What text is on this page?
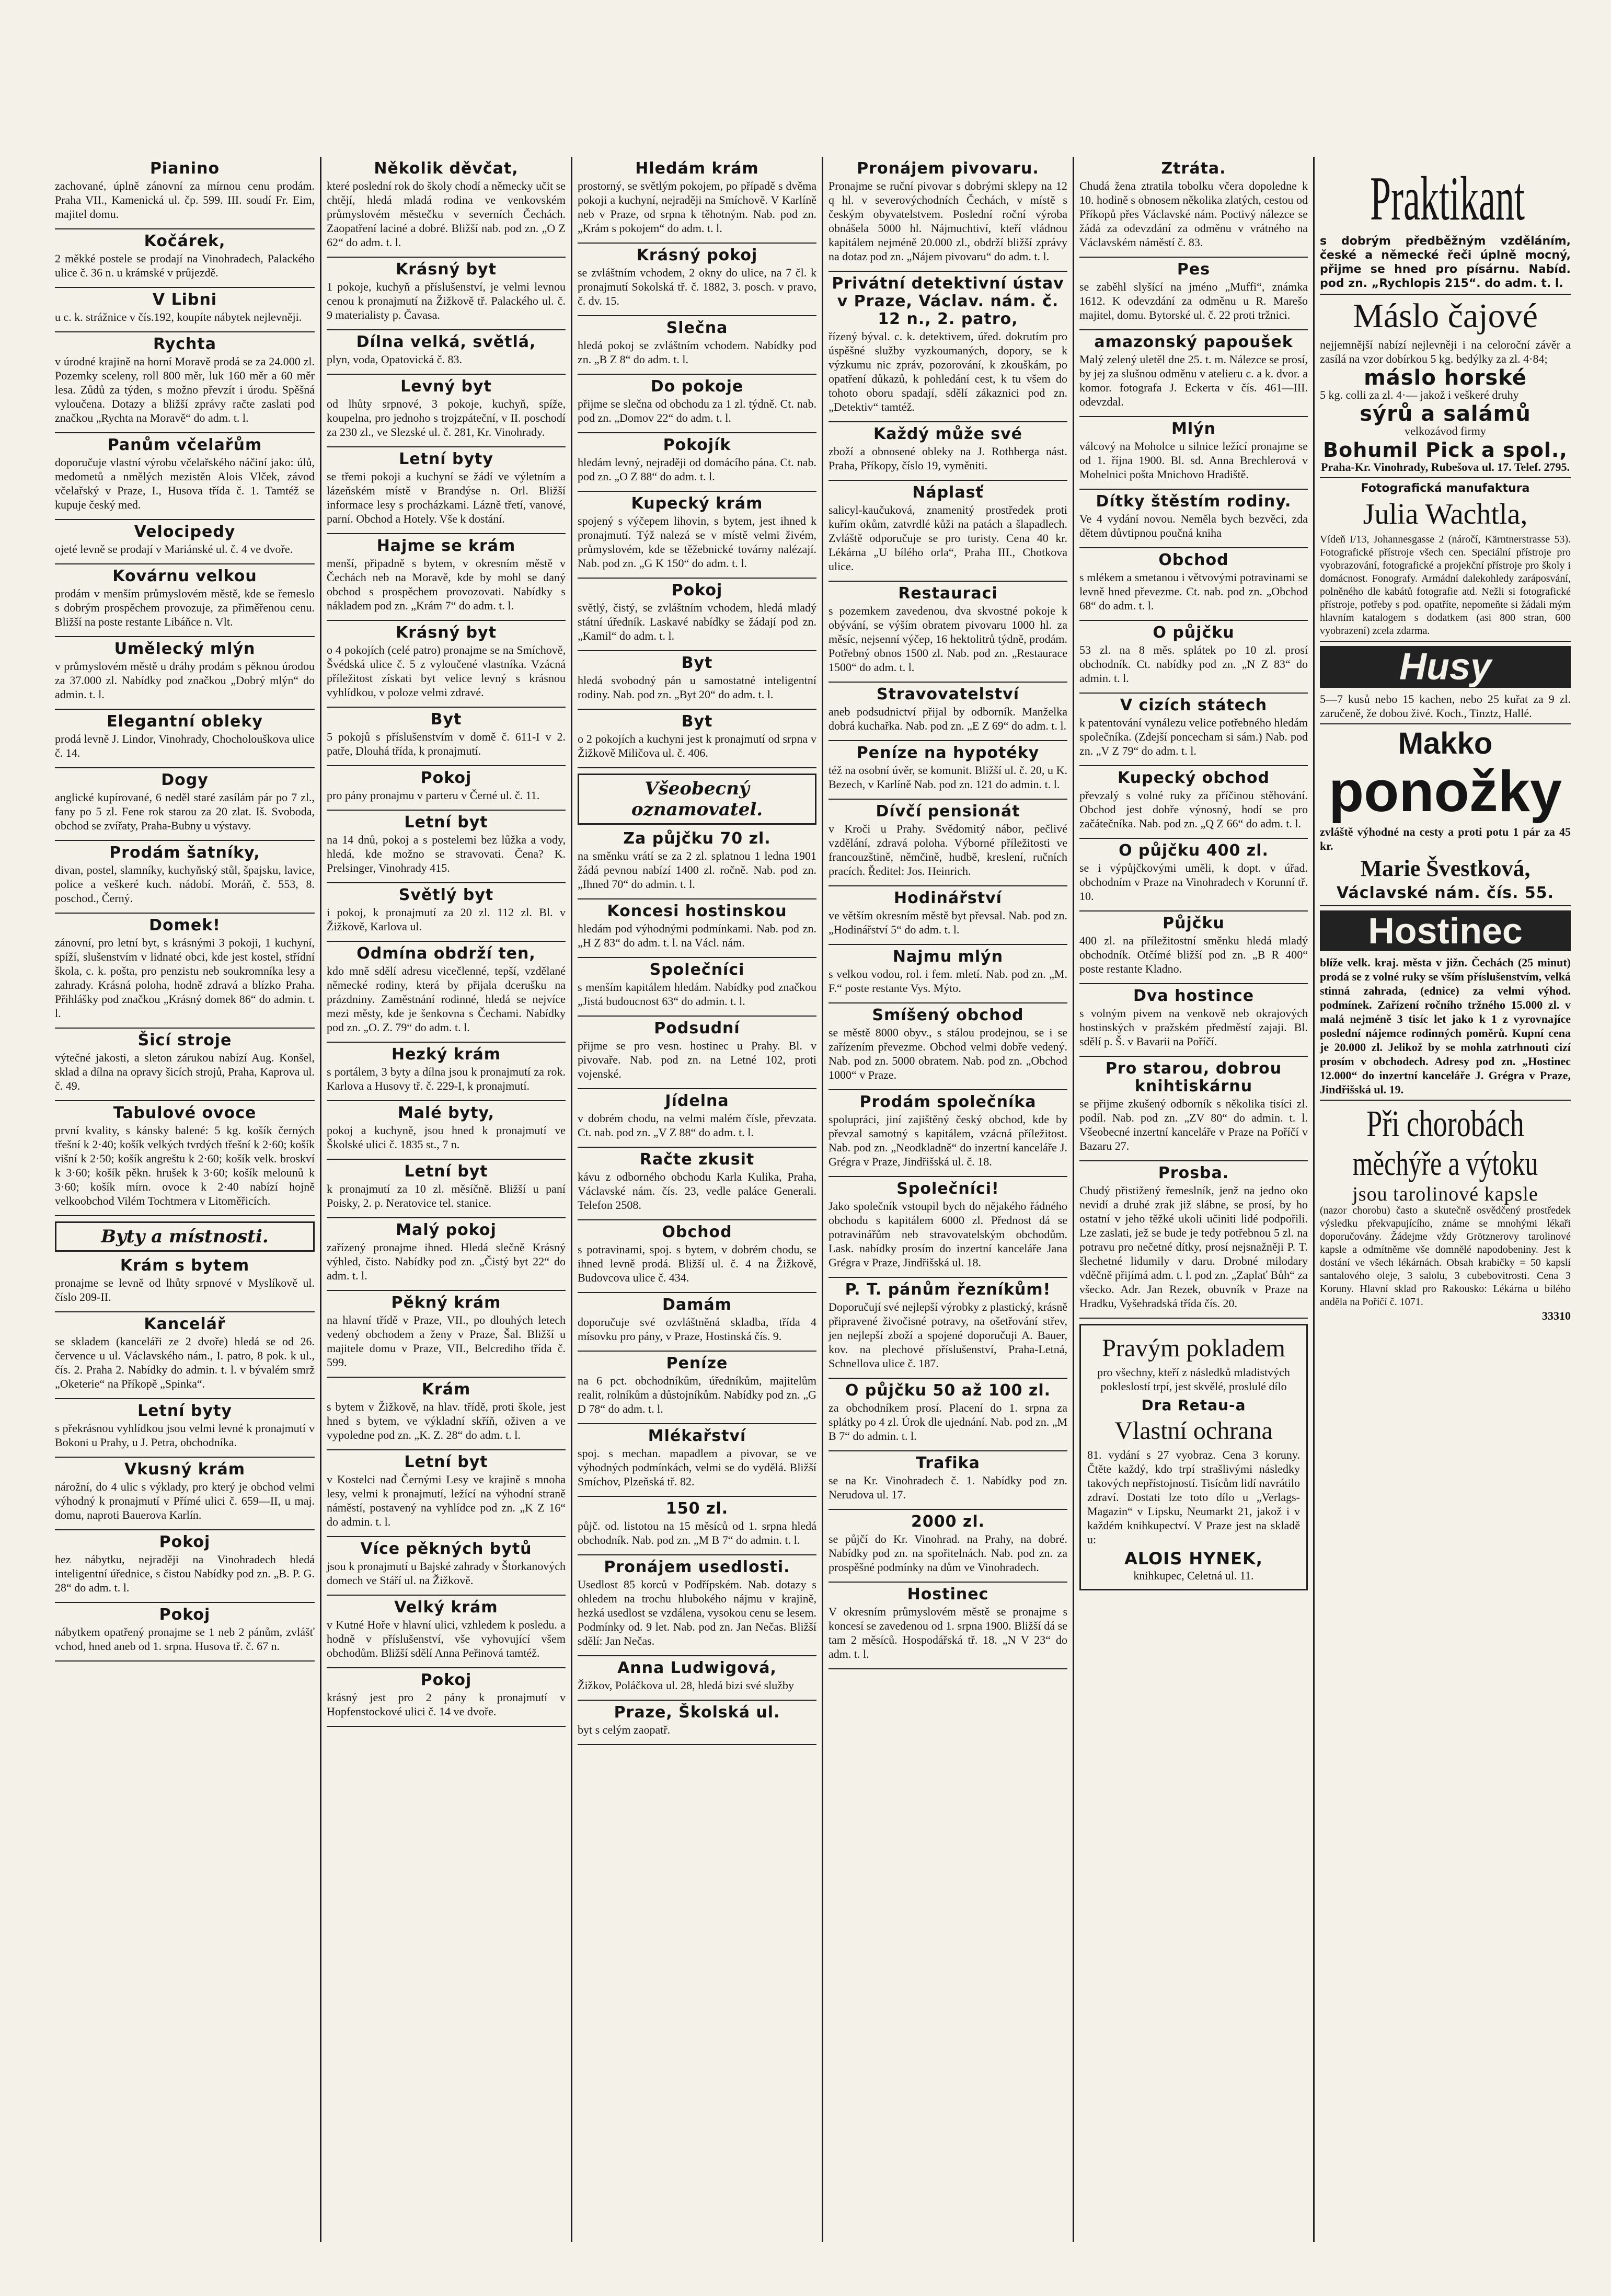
Pianino
zachované, úplně zánovní za mírnou cenu prodám. Praha VII., Kamenická ul. čp. 599. III. soudí Fr. Eim, majitel domu.
Kočárek,
2 měkké postele se prodají na Vinohradech, Palackého ulice č. 36 n. u krámské v průjezdě.
V Libni
u c. k. strážnice v čís.192, koupíte nábytek nejlevněji.
Rychta
v úrodné krajině na horní Moravě prodá se za 24.000 zl. Pozemky sceleny, roll 800 měr, luk 160 měr a 60 měr lesa. Zůdů za týden, s možno převzít i úrodu. Spěšná vyloučena. Dotazy a bližší zprávy račte zaslati pod značkou „Rychta na Moravě“ do adm. t. l.
Panům včelařům
doporučuje vlastní výrobu včelařského náčiní jako: úlů, medometů a nmělých mezistěn Alois Vlček, závod včelařský v Praze, I., Husova třída č. 1. Tamtéž se kupuje český med.
Velocipedy
ojeté levně se prodají v Mariánské ul. č. 4 ve dvoře.
Kovárnu velkou
prodám v menším průmyslovém městě, kde se řemeslo s dobrým prospěchem provozuje, za přiměřenou cenu. Bližší na poste restante Libáňce n. Vlt.
Umělecký mlýn
v průmyslovém městě u dráhy prodám s pěknou úrodou za 37.000 zl. Nabídky pod značkou „Dobrý mlýn“ do admin. t. l.
Elegantní obleky
prodá levně J. Lindor, Vinohrady, Chocholouškova ulice č. 14.
Dogy
anglické kupírované, 6 neděl staré zasílám pár po 7 zl., fany po 5 zl. Fene rok starou za 20 zlat. Iš. Svoboda, obchod se zvířaty, Praha-Bubny u výstavy.
Prodám šatníky,
divan, postel, slamníky, kuchyňský stůl, špajsku, lavice, police a veškeré kuch. nádobí. Moráň, č. 553, 8. poschod., Černý.
Domek!
zánovní, pro letní byt, s krásnými 3 pokoji, 1 kuchyní, spíží, slušenstvím v lidnaté obci, kde jest kostel, střídní škola, c. k. pošta, pro penzistu neb soukromníka lesy a zahrady. Krásná poloha, hodně zdravá a blízko Praha. Přihlášky pod značkou „Krásný domek 86“ do admin. t. l.
Šicí stroje
výtečné jakosti, a sleton zárukou nabízí Aug. Konšel, sklad a dílna na opravy šicích strojů, Praha, Kaprova ul. č. 49.
Tabulové ovoce
první kvality, s kánsky balené: 5 kg. košík černých třešní k 2·40; košík velkých tvrdých třešní k 2·60; košík višní k 2·50; košík angreštu k 2·60; košík velk. broskví k 3·60; košík pěkn. hrušek k 3·60; košík melounů k 3·60; košík mírn. ovoce k 2·40 nabízí hojně velkoobchod Vilém Tochtmera v Litoměřicích.
Byty a místnosti.
Krám s bytem
pronajme se levně od lhůty srpnové v Myslíkově ul. číslo 209-II.
Kancelář
se skladem (kanceláři ze 2 dvoře) hledá se od 26. července u ul. Václavského nám., I. patro, 8 pok. k ul., čís. 2. Praha 2. Nabídky do admin. t. l. v bývalém smrž „Oketerie“ na Příkopě „Spinka“.
Letní byty
s překrásnou vyhlídkou jsou velmi levné k pronajmutí v Bokoni u Prahy, u J. Petra, obchodníka.
Vkusný krám
nárožní, do 4 ulic s výklady, pro který je obchod velmi výhodný k pronajmutí v Přímé ulici č. 659—II, u maj. domu, naproti Bauerova Karlín.
Pokoj
hez nábytku, nejraději na Vinohradech hledá inteligentní úřednice, s čistou Nabídky pod zn. „B. P. G. 28“ do adm. t. l.
Pokoj
nábytkem opatřený pronajme se 1 neb 2 pánům, zvlášť vchod, hned aneb od 1. srpna. Husova tř. č. 67 n.
Několik děvčat,
které poslední rok do školy chodí a německy učit se chtějí, hledá mladá rodina ve venkovském průmyslovém městečku v severních Čechách. Zaopatření laciné a dobré. Bližší nab. pod zn. „O Z 62“ do adm. t. l.
Krásný byt
1 pokoje, kuchyň a příslušenství, je velmi levnou cenou k pronajmutí na Žižkově tř. Palackého ul. č. 9 materialisty p. Čavasa.
Dílna velká, světlá,
plyn, voda, Opatovická č. 83.
Levný byt
od lhůty srpnové, 3 pokoje, kuchyň, spíže, koupelna, pro jednoho s trojzpáteční, v II. poschodí za 230 zl., ve Slezské ul. č. 281, Kr. Vinohrady.
Letní byty
se třemi pokoji a kuchyní se žádí ve výletním a lázeňském místě v Brandýse n. Orl. Bližší informace lesy s procházkami. Lázně třetí, vanové, parní. Obchod a Hotely. Vše k dostání.
Hajme se krám
menší, připadně s bytem, v okresním městě v Čechách neb na Moravě, kde by mohl se daný obchod s prospěchem provozovati. Nabídky s nákladem pod zn. „Krám 7“ do adm. t. l.
Krásný byt
o 4 pokojích (celé patro) pronajme se na Smíchově, Švédská ulice č. 5 z vyloučené vlastníka. Vzácná příležitost získati byt velice levný s krásnou vyhlídkou, v poloze velmi zdravé.
Byt
5 pokojů s příslušenstvím v domě č. 611-I v 2. patře, Dlouhá třída, k pronajmutí.
Pokoj
pro pány pronajmu v parteru v Černé ul. č. 11.
Letní byt
na 14 dnů, pokoj a s postelemi bez lůžka a vody, hledá, kde možno se stravovati. Čena? K. Prelsinger, Vinohrady 415.
Světlý byt
i pokoj, k pronajmutí za 20 zl. 112 zl. Bl. v Žižkově, Karlova ul.
Odmína obdrží ten,
kdo mně sdělí adresu vicečlenné, tepší, vzdělané německé rodiny, která by přijala dcerušku na prázdniny. Zaměstnání rodinné, hledá se nejvíce mezi městy, kde je šenkovna s Čechami. Nabídky pod zn. „O. Z. 79“ do adm. t. l.
Hezký krám
s portálem, 3 byty a dílna jsou k pronajmutí za rok. Karlova a Husovy tř. č. 229-I, k pronajmutí.
Malé byty,
pokoj a kuchyně, jsou hned k pronajmutí ve Školské ulici č. 1835 st., 7 n.
Letní byt
k pronajmutí za 10 zl. měsíčně. Bližší u paní Poisky, 2. p. Neratovice tel. stanice.
Malý pokoj
zařízený pronajme ihned. Hledá slečně Krásný výhled, čisto. Nabídky pod zn. „Čistý byt 22“ do adm. t. l.
Pěkný krám
na hlavní třídě v Praze, VII., po dlouhých letech vedený obchodem a ženy v Praze, Šal. Bližší u majitele domu v Praze, VII., Belcrediho třída č. 599.
Krám
s bytem v Žižkově, na hlav. třídě, proti škole, jest hned s bytem, ve výkladní skříň, oživen a ve vypoledne pod zn. „K. Z. 28“ do adm. t. l.
Letní byt
v Kostelci nad Černými Lesy ve krajině s mnoha lesy, velmi k pronajmutí, ležící na výhodní straně náměstí, postavený na vyhlídce pod zn. „K Z 16“ do admin. t. l.
Více pěkných bytů
jsou k pronajmutí u Bajské zahrady v Štorkanových domech ve Stáří ul. na Žižkově.
Velký krám
v Kutné Hoře v hlavní ulici, vzhledem k posledu. a hodně v příslušenství, vše vyhovující všem obchodům. Bližší sdělí Anna Peřinová tamtéž.
Pokoj
krásný jest pro 2 pány k pronajmutí v Hopfenstockové ulici č. 14 ve dvoře.
Hledám krám
prostorný, se světlým pokojem, po případě s dvěma pokoji a kuchyní, nejraději na Smíchově. V Karlíně neb v Praze, od srpna k těhotným. Nab. pod zn. „Krám s pokojem“ do adm. t. l.
Krásný pokoj
se zvláštním vchodem, 2 okny do ulice, na 7 čl. k pronajmutí Sokolská tř. č. 1882, 3. posch. v pravo, č. dv. 15.
Slečna
hledá pokoj se zvláštním vchodem. Nabídky pod zn. „B Z 8“ do adm. t. l.
Do pokoje
přijme se slečna od obchodu za 1 zl. týdně. Ct. nab. pod zn. „Domov 22“ do adm. t. l.
Pokojík
hledám levný, nejraději od domácího pána. Ct. nab. pod zn. „O Z 88“ do adm. t. l.
Kupecký krám
spojený s výčepem lihovin, s bytem, jest ihned k pronajmutí. Týž nalezá se v místě velmi živém, průmyslovém, kde se těžebnické továrny nalézají. Nab. pod zn. „G K 150“ do adm. t. l.
Pokoj
světlý, čistý, se zvláštním vchodem, hledá mladý státní úředník. Laskavé nabídky se žádají pod zn. „Kamil“ do adm. t. l.
Byt
hledá svobodný pán u samostatné inteligentní rodiny. Nab. pod zn. „Byt 20“ do adm. t. l.
Byt
o 2 pokojích a kuchyni jest k pronajmutí od srpna v Žižkově Miličova ul. č. 406.
Všeobecný oznamovatel.
Za půjčku 70 zl.
na směnku vrátí se za 2 zl. splatnou 1 ledna 1901 žádá pevnou nabízí 1400 zl. ročně. Nab. pod zn. „Ihned 70“ do admin. t. l.
Koncesi hostinskou
hledám pod výhodnými podmínkami. Nab. pod zn. „H Z 83“ do adm. t. l. na Václ. nám.
Společníci
s menším kapitálem hledám. Nabídky pod značkou „Jistá budoucnost 63“ do admin. t. l.
Podsudní
přijme se pro vesn. hostinec u Prahy. Bl. v pivovaře. Nab. pod zn. na Letné 102, proti vojenské.
Jídelna
v dobrém chodu, na velmi malém čísle, převzata. Ct. nab. pod zn. „V Z 88“ do adm. t. l.
Račte zkusit
kávu z odborného obchodu Karla Kulika, Praha, Václavské nám. čís. 23, vedle paláce Generali. Telefon 2508.
Obchod
s potravinami, spoj. s bytem, v dobrém chodu, se ihned levně prodá. Bližší ul. č. 4 na Žižkově, Budovcova ulice č. 434.
Damám
doporučuje své ozvláštněná skladba, třída 4 mísovku pro pány, v Praze, Hostinská čís. 9.
Peníze
na 6 pct. obchodníkům, úředníkům, majitelům realit, rolníkům a důstojníkům. Nabídky pod zn. „G D 78“ do adm. t. l.
Mlékařství
spoj. s mechan. mapadlem a pivovar, se ve výhodných podmínkách, velmi se do vydělá. Bližší Smíchov, Plzeňská tř. 82.
150 zl.
půjč. od. listotou na 15 měsíců od 1. srpna hledá obchodník. Nab. pod zn. „M B 7“ do admin. t. l.
Pronájem usedlosti.
Usedlost 85 korců v Podřípském. Nab. dotazy s ohledem na trochu hlubokého nájmu v krajině, hezká usedlost se vzdálena, vysokou cenu se lesem. Podmínky od. 9 let. Nab. pod zn. Jan Nečas. Bližší sdělí: Jan Nečas.
Anna Ludwigová,
Žižkov, Poláčkova ul. 28, hledá bizi své služby
Praze, Školská ul.
byt s celým zaopatř.
Pronájem pivovaru.
Pronajme se ruční pivovar s dobrými sklepy na 12 q hl. v severovýchodních Čechách, v místě s českým obyvatelstvem. Poslední roční výroba obnášela 5000 hl. Nájmuchtiví, kteří vládnou kapitálem nejméně 20.000 zl., obdrží bližší zprávy na dotaz pod zn. „Nájem pivovaru“ do adm. t. l.
Privátní detektivní ústav v Praze, Václav. nám. č. 12 n., 2. patro,
řízený býval. c. k. detektivem, úřed. dokrutím pro úspěšné služby vyzkoumaných, dopory, se k výzkumu nic zpráv, pozorování, k zkouškám, po opatření důkazů, k pohledání cest, k tu všem do tohoto oboru spadají, sdělí zákaznici pod zn. „Detektiv“ tamtéž.
Každý může své
zboží a obnosené obleky na J. Rothberga nást. Praha, Příkopy, číslo 19, vyměniti.
Náplasť
salicyl-kaučuková, znamenitý prostředek proti kuřím okům, zatvrdlé kůži na patách a šlapadlech. Zvláště odporučuje se pro turisty. Cena 40 kr. Lékárna „U bílého orla“, Praha III., Chotkova ulice.
Restauraci
s pozemkem zavedenou, dva skvostné pokoje k obývání, se výším obratem pivovaru 1000 hl. za měsíc, nejsenní výčep, 16 hektolitrů týdně, prodám. Potřebný obnos 1500 zl. Nab. pod zn. „Restaurace 1500“ do adm. t. l.
Stravovatelství
aneb podsudnictví přijal by odborník. Manželka dobrá kuchařka. Nab. pod zn. „E Z 69“ do adm. t. l.
Peníze na hypotéky
též na osobní úvěr, se komunit. Bližší ul. č. 20, u K. Bezech, v Karlíně Nab. pod zn. 121 do admin. t. l.
Dívčí pensionát
v Kroči u Prahy. Svědomitý nábor, pečlivé vzdělání, zdravá poloha. Výborné příležitosti ve francouzštině, němčině, hudbě, kreslení, ručních pracích. Ředitel: Jos. Heinrich.
Hodinářství
ve větším okresním městě byt převsal. Nab. pod zn. „Hodinářství 5“ do adm. t. l.
Najmu mlýn
s velkou vodou, rol. i fem. mletí. Nab. pod zn. „M. F.“ poste restante Vys. Mýto.
Smíšený obchod
se městě 8000 obyv., s stálou prodejnou, se i se zařízením převezme. Obchod velmi dobře vedený. Nab. pod zn. 5000 obratem. Nab. pod zn. „Obchod 1000“ v Praze.
Prodám společníka
spolupráci, jiní zajištěný český obchod, kde by převzal samotný s kapitálem, vzácná příležitost. Nab. pod zn. „Neodkladně“ do inzertní kanceláře J. Grégra v Praze, Jindřišská ul. č. 18.
Společníci!
Jako společník vstoupil bych do nějakého řádného obchodu s kapitálem 6000 zl. Přednost dá se potravinářům neb stravovatelským obchodům. Lask. nabídky prosím do inzertní kanceláře Jana Grégra v Praze, Jindřišská ul. 18.
P. T. pánům řezníkům!
Doporučují své nejlepší výrobky z plastický, krásně připravené živočisné potravy, na ošetřování střev, jen nejlepší zboží a spojené doporučuji A. Bauer, kov. na plechové příslušenství, Praha-Letná, Schnellova ulice č. 187.
O půjčku 50 až 100 zl.
za obchodníkem prosí. Placení do 1. srpna za splátky po 4 zl. Úrok dle ujednání. Nab. pod zn. „M B 7“ do admin. t. l.
Trafika
se na Kr. Vinohradech č. 1. Nabídky pod zn. Nerudova ul. 17.
2000 zl.
se půjčí do Kr. Vinohrad. na Prahy, na dobré. Nabídky pod zn. na spořitelnách. Nab. pod zn. za prospěšné podmínky na dům ve Vinohradech.
Hostinec
V okresním průmyslovém městě se pronajme s koncesí se zavedenou od 1. srpna 1900. Bližší dá se tam 2 měsíců. Hospodářská tř. 18. „N V 23“ do adm. t. l.
Ztráta.
Chudá žena ztratila tobolku včera dopoledne k 10. hodině s obnosem několika zlatých, cestou od Příkopů přes Václavské nám. Poctivý nálezce se žádá za odevzdání za odměnu v vrátného na Václavském náměstí č. 83.
Pes
se zaběhl slyšící na jméno „Muffi“, známka 1612. K odevzdání za odměnu u R. Marešo majitel, domu. Bytorské ul. č. 22 proti tržnici.
amazonský papoušek
Malý zelený uletěl dne 25. t. m. Nálezce se prosí, by jej za slušnou odměnu v atelieru c. a k. dvor. a komor. fotografa J. Eckerta v čís. 461—III. odevzdal.
Mlýn
válcový na Moholce u silnice ležící pronajme se od 1. října 1900. Bl. sd. Anna Brechlerová v Mohelnici pošta Mnichovo Hradiště.
Dítky štěstím rodiny.
Ve 4 vydání novou. Neměla bych bezvěci, zda dětem důvtipnou poučná kniha
Obchod
s mlékem a smetanou i větvovými potravinami se levně hned převezme. Ct. nab. pod zn. „Obchod 68“ do adm. t. l.
O půjčku
53 zl. na 8 měs. splátek po 10 zl. prosí obchodník. Ct. nabídky pod zn. „N Z 83“ do admin. t. l.
V cizích státech
k patentování vynálezu velice potřebného hledám společníka. (Zdejší poncecham si sám.) Nab. pod zn. „V Z 79“ do adm. t. l.
Kupecký obchod
převzalý s volné ruky za příčinou stěhování. Obchod jest dobře výnosný, hodí se pro začátečníka. Nab. pod zn. „Q Z 66“ do adm. t. l.
O půjčku 400 zl.
se i výpůjčkovými uměli, k dopt. v úřad. obchodním v Praze na Vinohradech v Korunní tř. 10.
Půjčku
400 zl. na příležitostní směnku hledá mladý obchodník. Otčímé bližší pod zn. „B R 400“ poste restante Kladno.
Dva hostince
s volným pivem na venkově neb okrajových hostinských v pražském předměstí zajaji. Bl. sdělí p. Š. v Bavarii na Poříčí.
Pro starou, dobrou knihtiskárnu
se přijme zkušený odborník s několika tisíci zl. podíl. Nab. pod zn. „ZV 80“ do admin. t. l. Všeobecné inzertní kanceláře v Praze na Poříčí v Bazaru 27.
Prosba.
Chudý přistižený řemeslník, jenž na jedno oko nevidí a druhé zrak již slábne, se prosí, by ho ostatní v jeho těžké ukoli učiniti lidé podpořili. Lze zaslati, jež se bude je tedy potřebnou 5 zl. na potravu pro nečetné dítky, prosí nejsnažněji P. T. šlechetné lidumily v daru. Drobné milodary vděčně přijímá adm. t. l. pod zn. „Zaplať Bůh“ za všecko. Adr. Jan Rezek, obuvník v Praze na Hradku, Vyšehradská třída čís. 20.
Pravým pokladem
pro všechny, kteří z následků mladistvých pokleslostí trpí, jest skvělé, proslulé dílo
Dra Retau-a
Vlastní ochrana
81. vydání s 27 vyobraz. Cena 3 koruny. Čtěte každý, kdo trpí strašlivými následky takových nepřístojností. Tisícům lidí navrátilo zdraví. Dostati lze toto dílo u „Verlags-Magazin“ v Lipsku, Neumarkt 21, jakož i v každém knihkupectví. V Praze jest na skladě u:
ALOIS HYNEK,
knihkupec, Celetná ul. 11.
Praktikant
s dobrým předběžným vzděláním, české a německé řeči úplně mocný, přijme se hned pro písárnu. Nabíd. pod zn. „Rychlopis 215“. do adm. t. l.
Máslo čajové
nejjemnější nabízí nejlevněji i na celoroční závěr a zasílá na vzor dobírkou 5 kg. bedýlky za zl. 4·84;
máslo horské
5 kg. colli za zl. 4·— jakož i veškeré druhy
sýrů a salámů
velkozávod firmy
Bohumil Pick a spol.,
Praha-Kr. Vinohrady, Rubešova ul. 17. Telef. 2795.
Fotografická manufaktura
Julia Wachtla,
Vídeň I/13, Johannesgasse 2 (náročí, Kärntnerstrasse 53). Fotografické přístroje všech cen. Speciální přístroje pro vyobrazování, fotografické a projekční přístroje pro školy i domácnost. Fonografy. Armádní dalekohledy zaráposvání, polněného dle kabátů fotografie atd. Nežli si fotografické přístroje, potřeby s pod. opatříte, nepomeňte si žádali mým hlavním katalogem s dodatkem (asi 800 stran, 600 vyobrazení) zcela zdarma.
Husy
5—7 kusů nebo 15 kachen, nebo 25 kuřat za 9 zl. zaručeně, že dobou živé. Koch., Tinztz, Hallé.
Makko
ponožky
zvláště výhodné na cesty a proti potu 1 pár za 45 kr.
Marie Švestková,
Václavské nám. čís. 55.
Hostinec
blíže velk. kraj. města v jižn. Čechách (25 minut) prodá se z volné ruky se vším příslušenstvím, velká stinná zahrada, (ednice) za velmi výhod. podmínek. Zařízení ročního tržného 15.000 zl. v malá nejméně 3 tisíc let jako k 1 z vyrovnajíce poslední nájemce rodinných poměrů. Kupní cena je 20.000 zl. Jelikož by se mohla zatrhnouti cizí prosím v obchodech. Adresy pod zn. „Hostinec 12.000“ do inzertní kanceláře J. Grégra v Praze, Jindřišská ul. 19.
Při chorobách
měchýře a výtoku
jsou tarolinové kapsle
(nazor chorobu) často a skutečně osvědčený prostředek výsledku překvapujícího, známe se mnohými lékaři doporučovány. Žádejme vždy Grötznerovy tarolinové kapsle a odmítněme vše domnělé napodobeniny. Jest k dostání ve všech lékárnách. Obsah krabičky = 50 kapslí santalového oleje, 3 salolu, 3 cubebovitrosti. Cena 3 Koruny. Hlavní sklad pro Rakousko: Lékárna u bílého anděla na Poříčí č. 1071.
33310
